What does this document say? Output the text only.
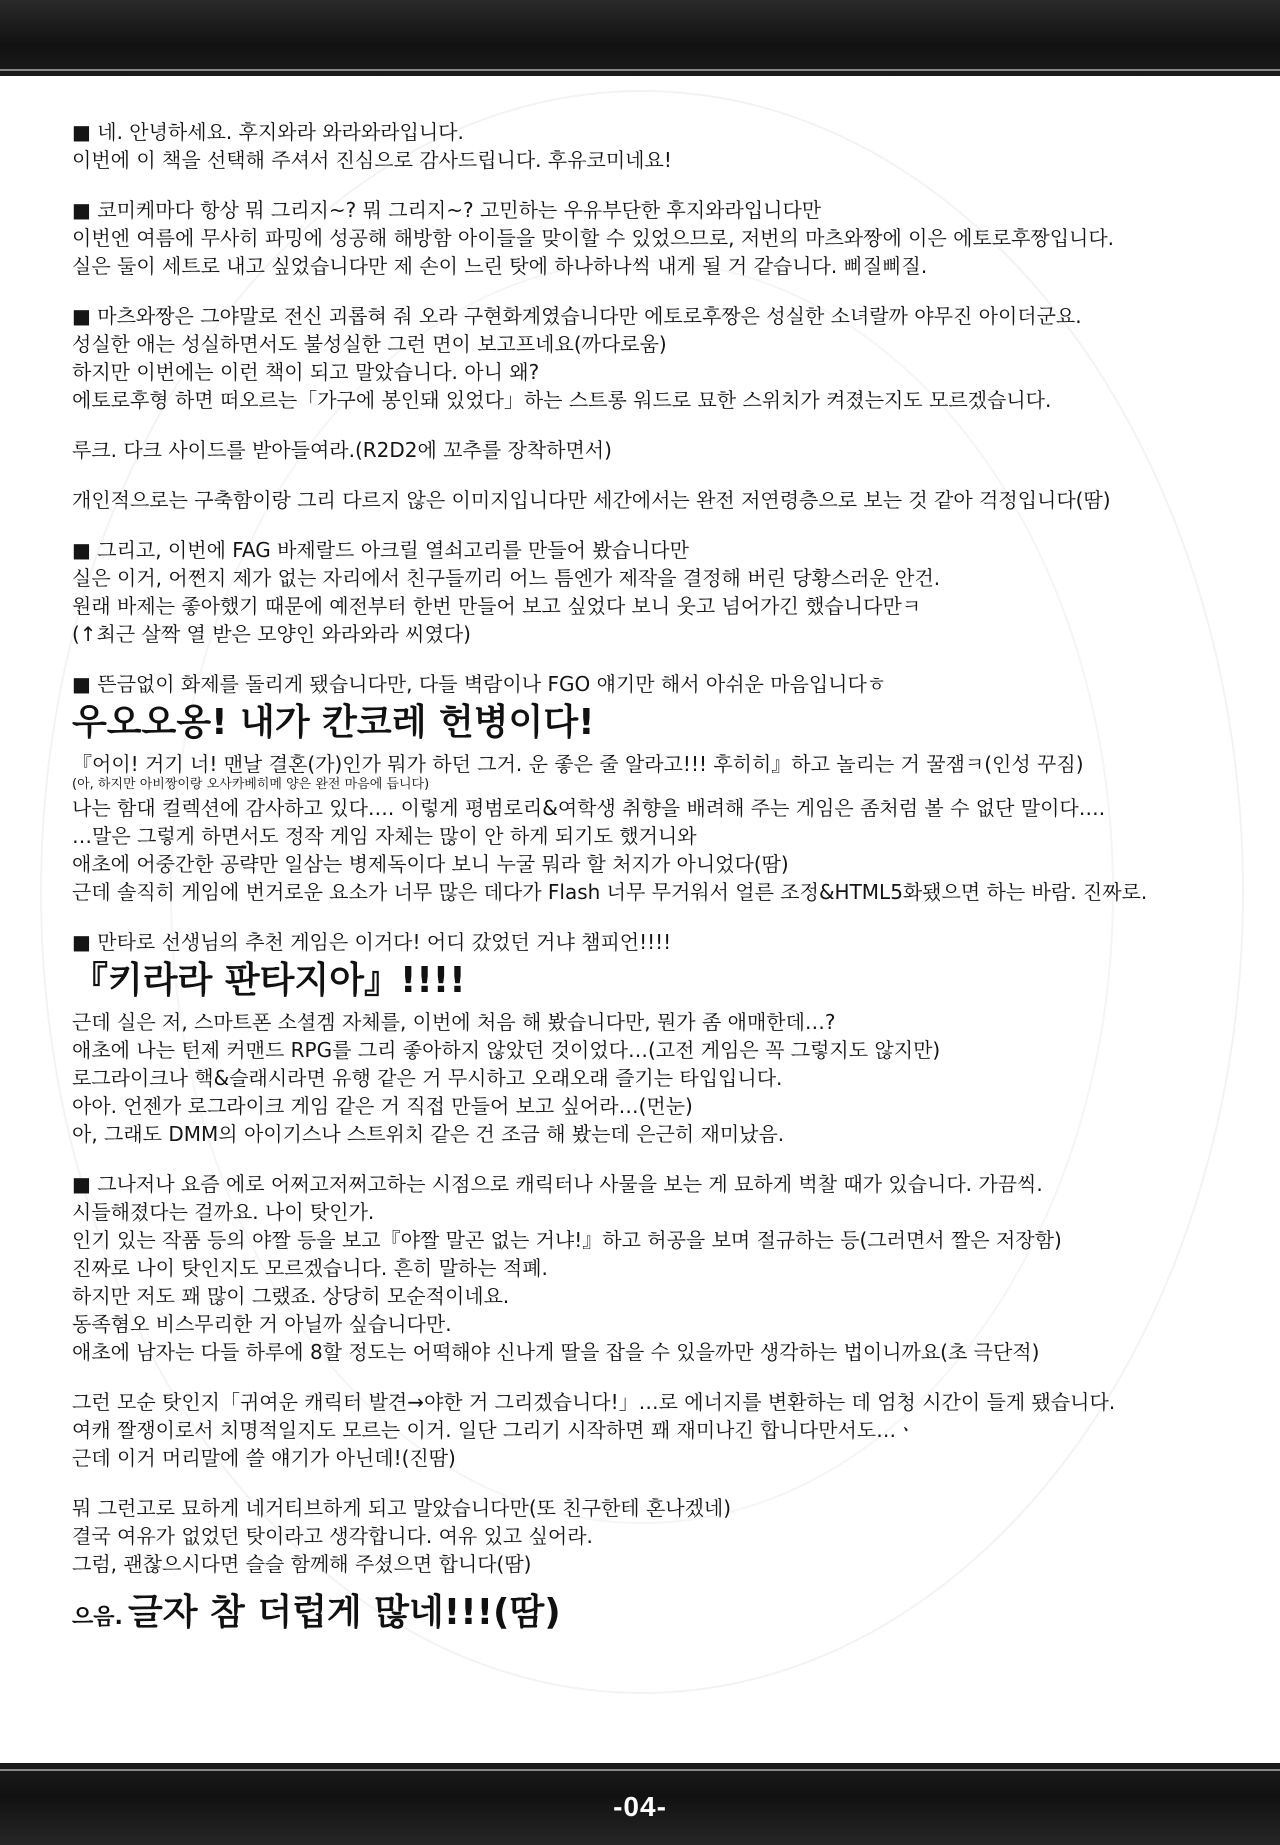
■ 네. 안녕하세요. 후지와라 와라와라입니다.
이번에 이 책을 선택해 주셔서 진심으로 감사드립니다. 후유코미네요!
■ 코미케마다 항상 뭐 그리지~? 뭐 그리지~? 고민하는 우유부단한 후지와라입니다만
이번엔 여름에 무사히 파밍에 성공해 해방함 아이들을 맞이할 수 있었으므로, 저번의 마츠와짱에 이은 에토로후짱입니다.
실은 둘이 세트로 내고 싶었습니다만 제 손이 느린 탓에 하나하나씩 내게 될 거 같습니다. 삐질삐질.
■ 마츠와짱은 그야말로 전신 괴롭혀 줘 오라 구현화계였습니다만 에토로후짱은 성실한 소녀랄까 야무진 아이더군요.
성실한 애는 성실하면서도 불성실한 그런 면이 보고프네요(까다로움)
하지만 이번에는 이런 책이 되고 말았습니다. 아니 왜?
에토로후형 하면 떠오르는「가구에 봉인돼 있었다」하는 스트롱 워드로 묘한 스위치가 켜졌는지도 모르겠습니다.
루크. 다크 사이드를 받아들여라.(R2D2에 꼬추를 장착하면서)
개인적으로는 구축함이랑 그리 다르지 않은 이미지입니다만 세간에서는 완전 저연령층으로 보는 것 같아 걱정입니다(땀)
■ 그리고, 이번에 FAG 바제랄드 아크릴 열쇠고리를 만들어 봤습니다만
실은 이거, 어쩐지 제가 없는 자리에서 친구들끼리 어느 틈엔가 제작을 결정해 버린 당황스러운 안건.
원래 바제는 좋아했기 때문에 예전부터 한번 만들어 보고 싶었다 보니 웃고 넘어가긴 했습니다만ㅋ
(↑최근 살짝 열 받은 모양인 와라와라 씨였다)
■ 뜬금없이 화제를 돌리게 됐습니다만, 다들 벽람이나 FGO 얘기만 해서 아쉬운 마음입니다ㅎ
우오오옹! 내가 칸코레 헌병이다!
『어이! 거기 너! 맨날 결혼(가)인가 뭐가 하던 그거. 운 좋은 줄 알라고!!! 후히히』하고 놀리는 거 꿀잼ㅋ(인성 꾸짐)
(아, 하지만 아비짱이랑 오사카베히메 양은 완전 마음에 듭니다)
나는 함대 컬렉션에 감사하고 있다…. 이렇게 평범로리&여학생 취향을 배려해 주는 게임은 좀처럼 볼 수 없단 말이다….
…말은 그렇게 하면서도 정작 게임 자체는 많이 안 하게 되기도 했거니와
애초에 어중간한 공략만 일삼는 병제독이다 보니 누굴 뭐라 할 처지가 아니었다(땀)
근데 솔직히 게임에 번거로운 요소가 너무 많은 데다가 Flash 너무 무거워서 얼른 조정&HTML5화됐으면 하는 바람. 진짜로.
■ 만타로 선생님의 추천 게임은 이거다! 어디 갔었던 거냐 챔피언!!!!
『키라라 판타지아』!!!!
근데 실은 저, 스마트폰 소셜겜 자체를, 이번에 처음 해 봤습니다만, 뭔가 좀 애매한데…?
애초에 나는 턴제 커맨드 RPG를 그리 좋아하지 않았던 것이었다…(고전 게임은 꼭 그렇지도 않지만)
로그라이크나 핵&슬래시라면 유행 같은 거 무시하고 오래오래 즐기는 타입입니다.
아아. 언젠가 로그라이크 게임 같은 거 직접 만들어 보고 싶어라…(먼눈)
아, 그래도 DMM의 아이기스나 스트위치 같은 건 조금 해 봤는데 은근히 재미났음.
■ 그나저나 요즘 에로 어쩌고저쩌고하는 시점으로 캐릭터나 사물을 보는 게 묘하게 벅찰 때가 있습니다. 가끔씩.
시들해졌다는 걸까요. 나이 탓인가.
인기 있는 작품 등의 야짤 등을 보고『야짤 말곤 없는 거냐!』하고 허공을 보며 절규하는 등(그러면서 짤은 저장함)
진짜로 나이 탓인지도 모르겠습니다. 흔히 말하는 적폐.
하지만 저도 꽤 많이 그랬죠. 상당히 모순적이네요.
동족혐오 비스무리한 거 아닐까 싶습니다만.
애초에 남자는 다들 하루에 8할 정도는 어떡해야 신나게 딸을 잡을 수 있을까만 생각하는 법이니까요(초 극단적)
그런 모순 탓인지「귀여운 캐릭터 발견→야한 거 그리겠습니다!」…로 에너지를 변환하는 데 엄청 시간이 들게 됐습니다.
여캐 짤쟁이로서 치명적일지도 모르는 이거. 일단 그리기 시작하면 꽤 재미나긴 합니다만서도…ㆍ
근데 이거 머리말에 쓸 얘기가 아닌데!(진땀)
뭐 그런고로 묘하게 네거티브하게 되고 말았습니다만(또 친구한테 혼나겠네)
결국 여유가 없었던 탓이라고 생각합니다. 여유 있고 싶어라.
그럼, 괜찮으시다면 슬슬 함께해 주셨으면 합니다(땀)
으음. 글자 참 더럽게 많네!!!(땀)
-04-
